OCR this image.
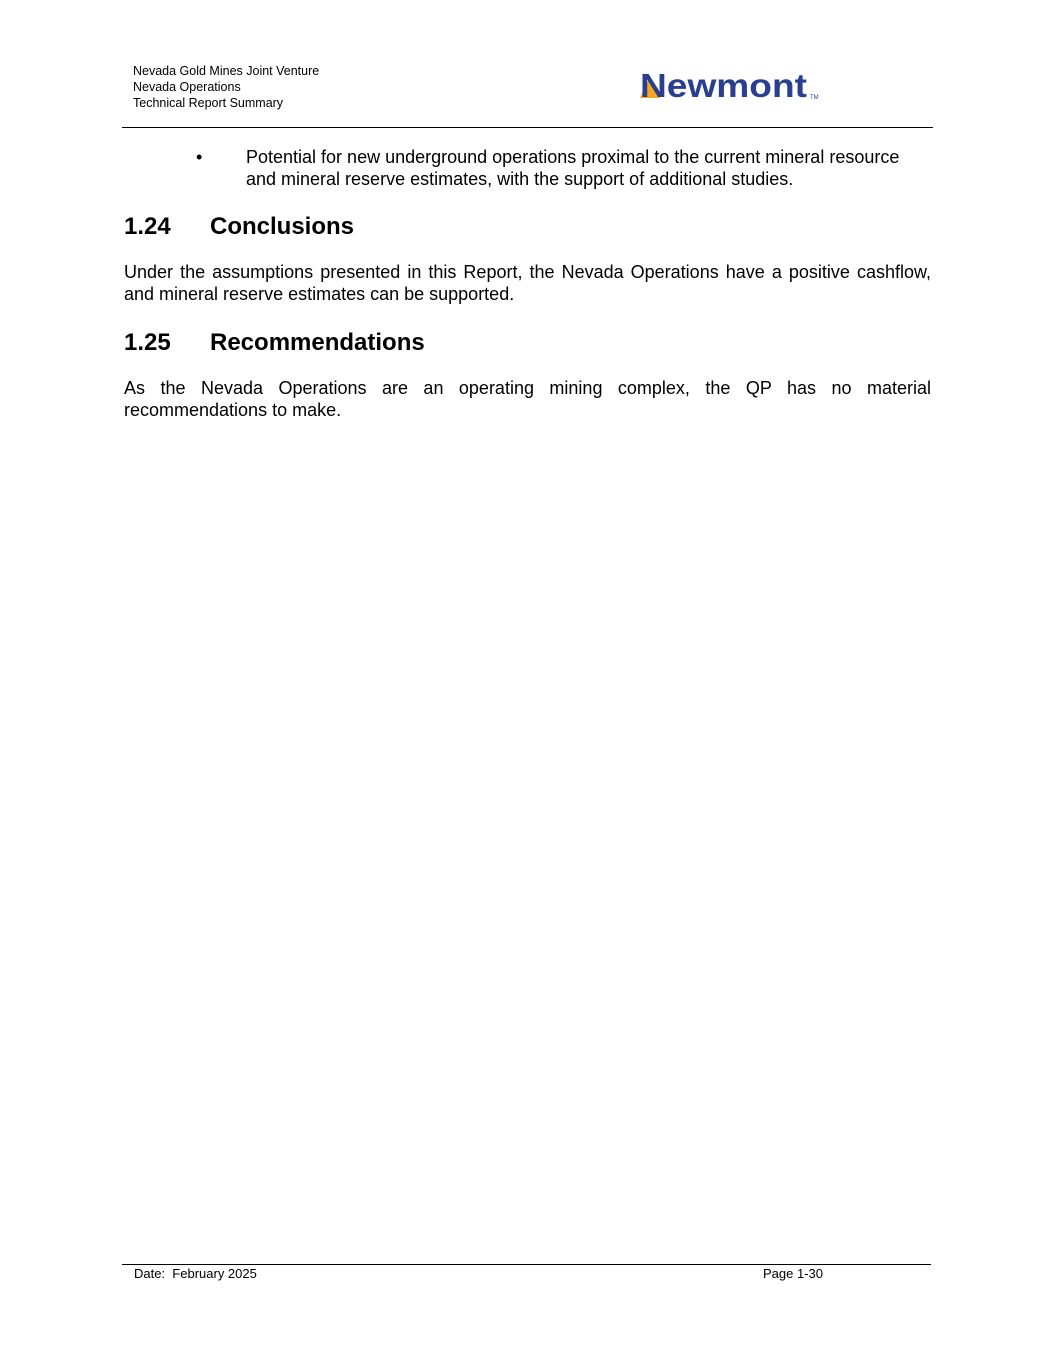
Nevada Gold Mines Joint Venture
Nevada Operations
Technical Report Summary	Newmont TM
•	Potential for new underground operations proximal to the current mineral resource and mineral reserve estimates, with the support of additional studies.
1.24 Conclusions
Under the assumptions presented in this Report, the Nevada Operations have a positive cashflow, and mineral reserve estimates can be supported.
1.25 Recommendations
As the Nevada Operations are an operating mining complex, the QP has no material recommendations to make.
Date:  February 2025	Page 1-30
